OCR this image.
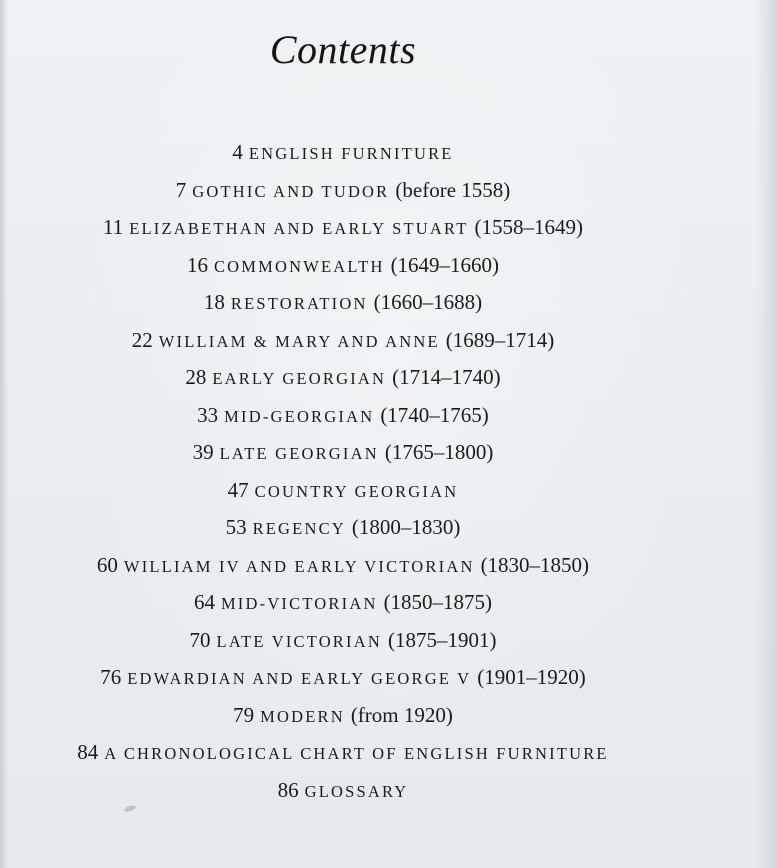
Contents
4 ENGLISH FURNITURE
7 GOTHIC AND TUDOR (before 1558)
11 ELIZABETHAN AND EARLY STUART (1558–1649)
16 COMMONWEALTH (1649–1660)
18 RESTORATION (1660–1688)
22 WILLIAM & MARY AND ANNE (1689–1714)
28 EARLY GEORGIAN (1714–1740)
33 MID-GEORGIAN (1740–1765)
39 LATE GEORGIAN (1765–1800)
47 COUNTRY GEORGIAN
53 REGENCY (1800–1830)
60 WILLIAM IV AND EARLY VICTORIAN (1830–1850)
64 MID-VICTORIAN (1850–1875)
70 LATE VICTORIAN (1875–1901)
76 EDWARDIAN AND EARLY GEORGE V (1901–1920)
79 MODERN (from 1920)
84 A CHRONOLOGICAL CHART OF ENGLISH FURNITURE
86 GLOSSARY
